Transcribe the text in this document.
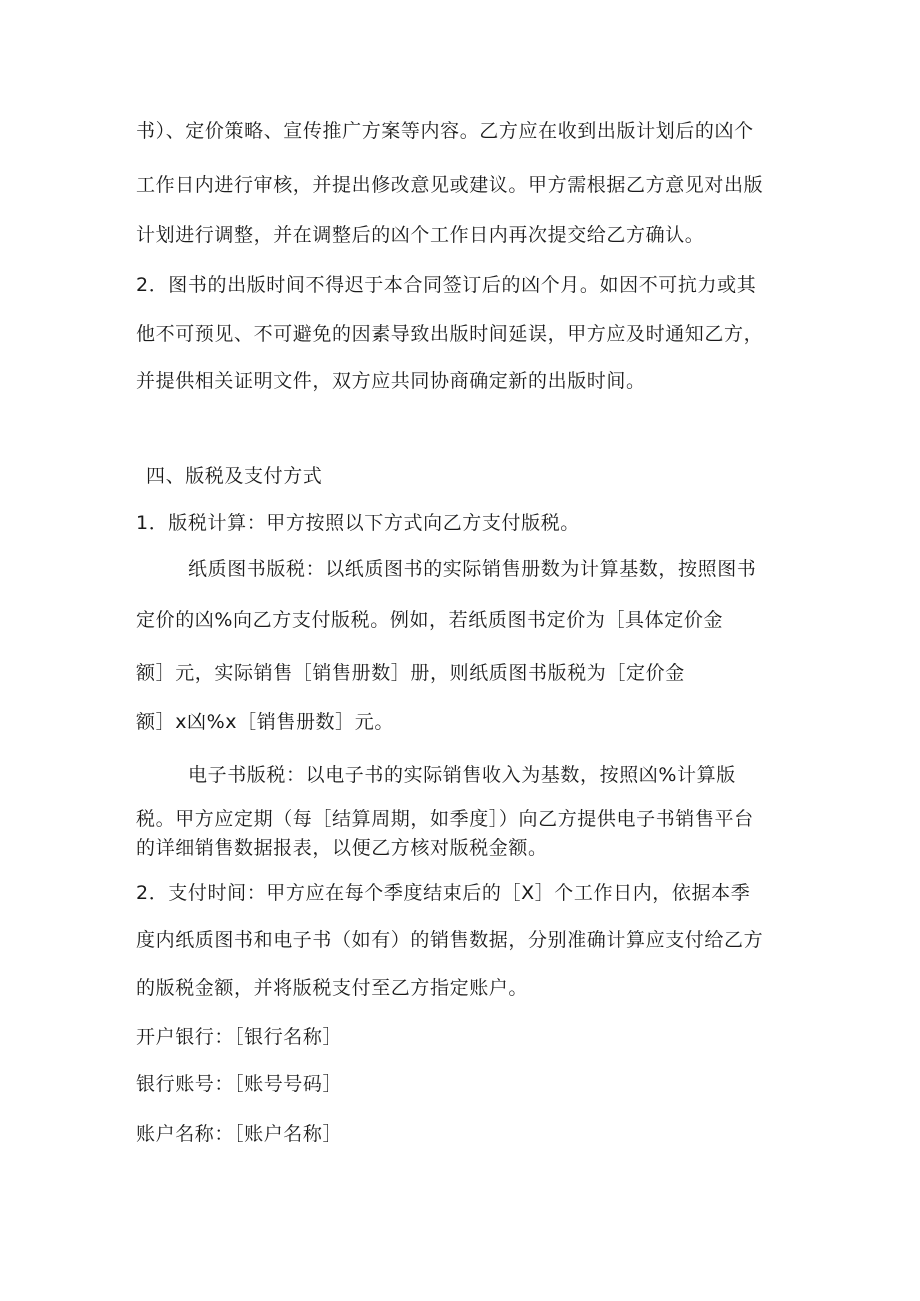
书）、定价策略、宣传推广方案等内容。乙方应在收到出版计划后的凶个
工作日内进行审核，并提出修改意见或建议。甲方需根据乙方意见对出版
计划进行调整，并在调整后的凶个工作日内再次提交给乙方确认。
2．图书的出版时间不得迟于本合同签订后的凶个月。如因不可抗力或其
他不可预见、不可避免的因素导致出版时间延误，甲方应及时通知乙方，
并提供相关证明文件，双方应共同协商确定新的出版时间。
四、版税及支付方式
1．版税计算：甲方按照以下方式向乙方支付版税。
纸质图书版税：以纸质图书的实际销售册数为计算基数，按照图书
定价的凶%向乙方支付版税。例如，若纸质图书定价为［具体定价金
额］元，实际销售［销售册数］册，则纸质图书版税为［定价金
额］x凶%x［销售册数］元。
电子书版税：以电子书的实际销售收入为基数，按照凶%计算版
税。甲方应定期（每［结算周期，如季度］）向乙方提供电子书销售平台
的详细销售数据报表，以便乙方核对版税金额。
2．支付时间：甲方应在每个季度结束后的［X］个工作日内，依据本季
度内纸质图书和电子书（如有）的销售数据，分别准确计算应支付给乙方
的版税金额，并将版税支付至乙方指定账户。
开户银行：［银行名称］
银行账号：［账号号码］
账户名称：［账户名称］
